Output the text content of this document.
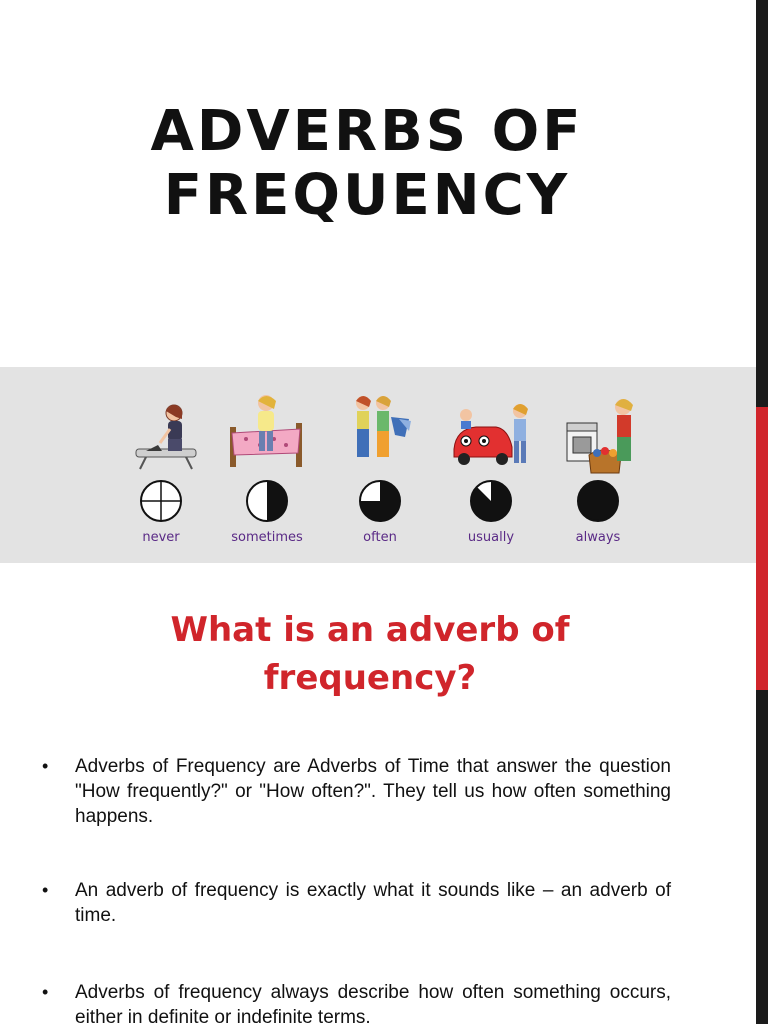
ADVERBS OF
FREQUENCY
never	sometimes	often	usually	always
What is an adverb of
frequency?
• Adverbs of Frequency are Adverbs of Time that answer the question "How frequently?" or "How often?". They tell us how often something happens.
• An adverb of frequency is exactly what it sounds like – an adverb of time.
• Adverbs of frequency always describe how often something occurs, either in definite or indefinite terms.
